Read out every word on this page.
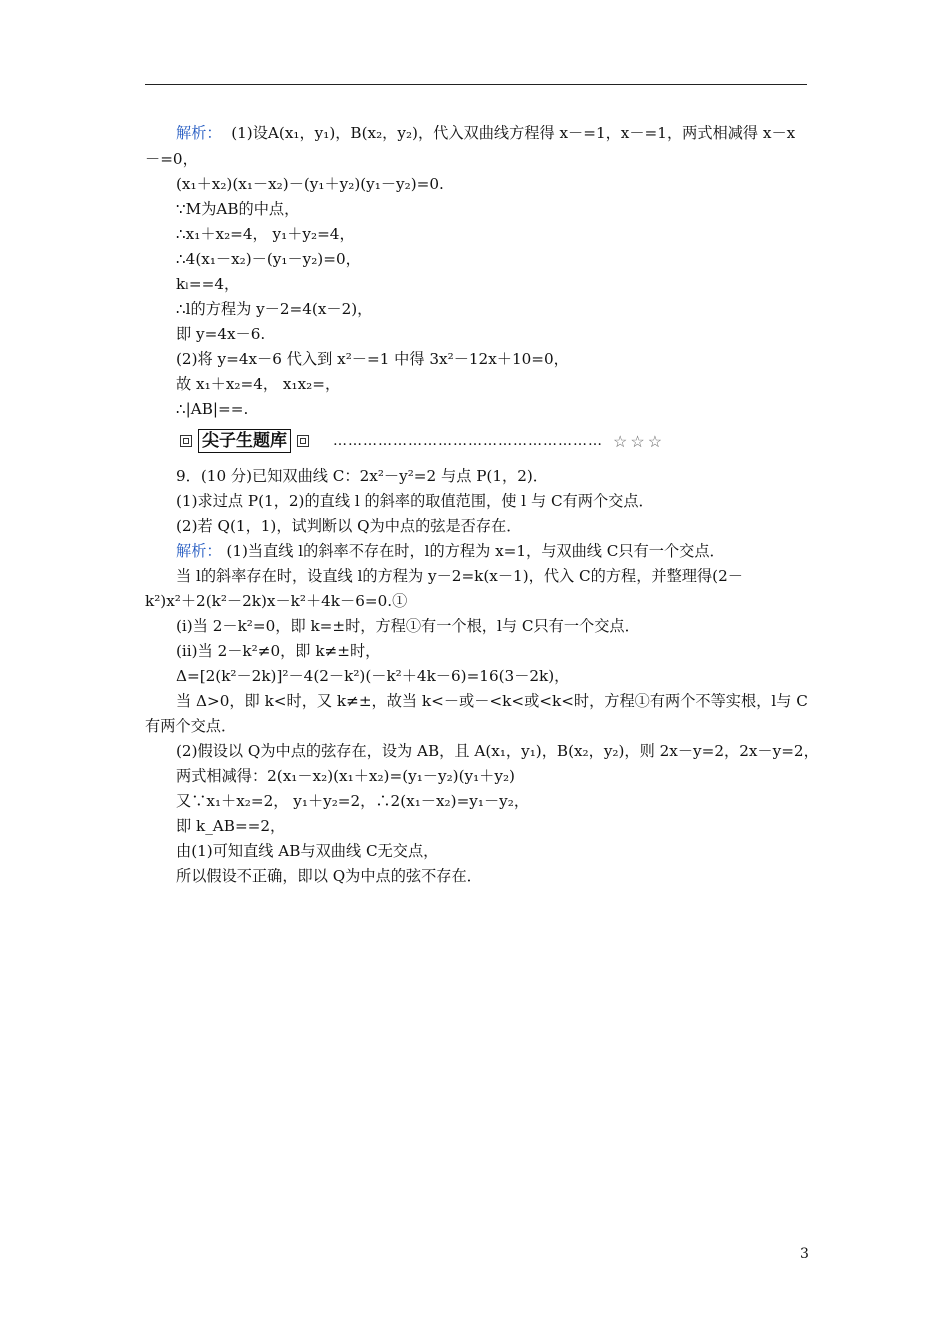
解析： (1)设A(x₁，y₁)，B(x₂，y₂)，代入双曲线方程得 x－=1，x－=1，两式相减得 x－x
－=0，
(x₁＋x₂)(x₁－x₂)－(y₁＋y₂)(y₁－y₂)=0.
∵M为AB的中点，
∴x₁＋x₂=4， y₁＋y₂=4，
∴4(x₁－x₂)－(y₁－y₂)=0，
kₗ==4，
∴l的方程为 y－2=4(x－2)，
即 y=4x－6.
(2)将 y=4x－6 代入到 x²－=1 中得 3x²－12x＋10=0，
故 x₁＋x₂=4， x₁x₂=，
∴|AB|==.
尖子生题库	……………………………………………… ☆☆☆
9．(10 分)已知双曲线 C：2x²－y²=2 与点 P(1，2)．
(1)求过点 P(1，2)的直线 l 的斜率的取值范围，使 l 与 C有两个交点．
(2)若 Q(1，1)，试判断以 Q为中点的弦是否存在．
解析： (1)当直线 l的斜率不存在时，l的方程为 x=1，与双曲线 C只有一个交点．
当 l的斜率存在时，设直线 l的方程为 y－2=k(x－1)，代入 C的方程，并整理得(2－
k²)x²＋2(k²－2k)x－k²＋4k－6=0.①
(ⅰ)当 2－k²=0，即 k=±时，方程①有一个根，l与 C只有一个交点．
(ⅱ)当 2－k²≠0，即 k≠±时，
Δ=[2(k²－2k)]²－4(2－k²)(－k²＋4k－6)=16(3－2k)，
当 Δ>0，即 k<时，又 k≠±，故当 k<－或－<k<或<k<时，方程①有两个不等实根，l与 C
有两个交点．
(2)假设以 Q为中点的弦存在，设为 AB，且 A(x₁，y₁)，B(x₂，y₂)，则 2x－y=2，2x－y=2，
两式相减得：2(x₁－x₂)(x₁＋x₂)=(y₁－y₂)(y₁＋y₂)
又∵x₁＋x₂=2， y₁＋y₂=2，∴2(x₁－x₂)=y₁－y₂，
即 k_AB==2，
由(1)可知直线 AB与双曲线 C无交点，
所以假设不正确，即以 Q为中点的弦不存在．
3
